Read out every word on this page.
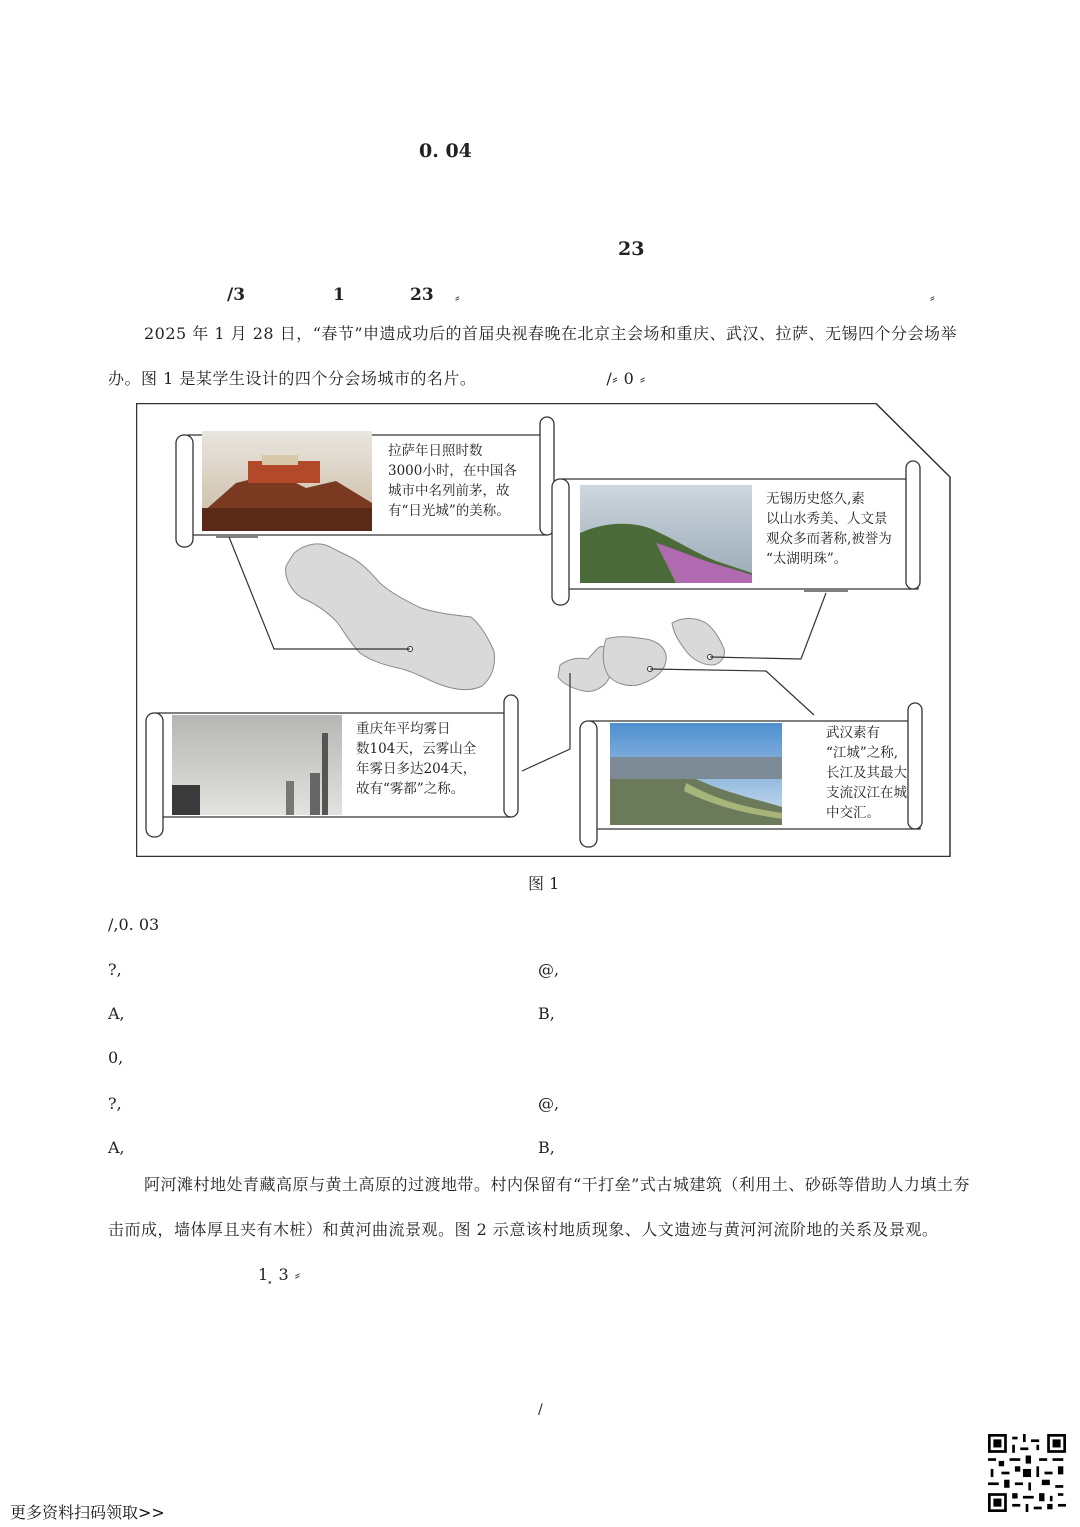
0. 04
23
/3	1	23 ⸗	⸗
2025 年 1 月 28 日，“春节”申遗成功后的首届央视春晚在北京主会场和重庆、武汉、拉萨、无锡四个分会场举办。图 1 是某学生设计的四个分会场城市的名片。	/⸗ 0 ⸗
拉萨年日照时数 3000小时，在中国各城市中名列前茅，故有“日光城”的美称。
无锡历史悠久,素以山水秀美、人文景观众多而著称,被誉为“太湖明珠”。
重庆年平均雾日数104天，云雾山全年雾日多达204天，故有“雾都”之称。
武汉素有“江城”之称,长江及其最大支流汉江在城中交汇。
图 1
/,0. 03
?,	@,
A,	B,
0,
?,	@,
A,	B,
阿河滩村地处青藏高原与黄土高原的过渡地带。村内保留有“干打垒”式古城建筑（利用土、砂砾等借助人力填土夯击而成，墙体厚且夹有木桩）和黄河曲流景观。图 2 示意该村地质现象、人文遗迹与黄河河流阶地的关系及景观。1⸼ 3 ⸗
/
更多资料扫码领取>>
